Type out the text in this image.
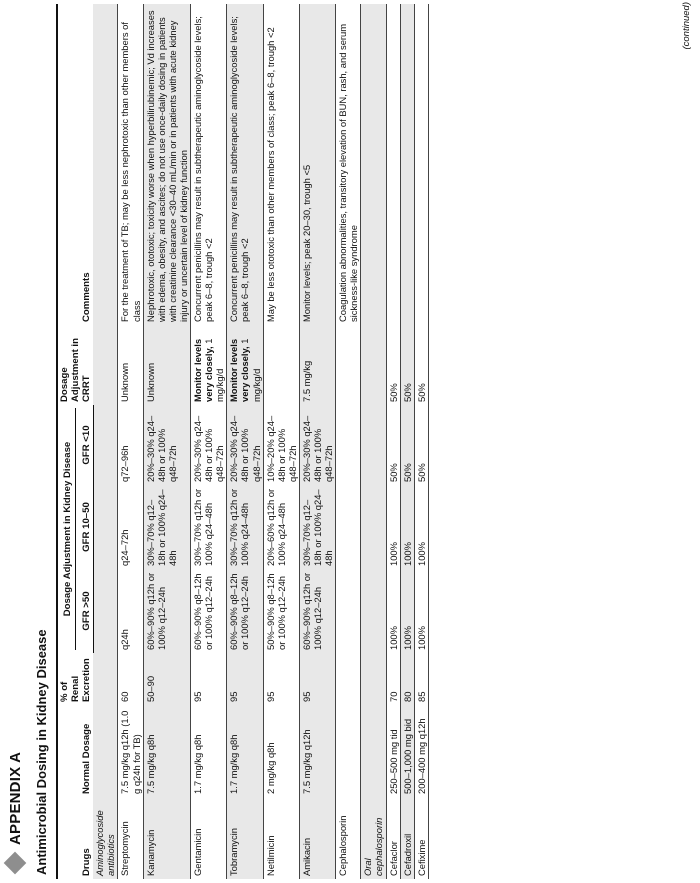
APPENDIX A Antimicrobial Dosing in Kidney Disease	Drugs	Normal Dosage	% of Renal Excretion	Dosage Adjustment in Kidney Disease			Dosage Adjustment in CRRT	Comments
			GFR >50	GFR 10–50	GFR <10		
Aminoglycoside antibiotics							
Streptomycin	7.5 mg/kg q12h (1.0 g q24h for TB)	60	q24h	q24–72h	q72–96h	Unknown	For the treatment of TB; may be less nephrotoxic than other members of class
Kanamycin	7.5 mg/kg q8h	50–90	60%–90% q12h or 100% q12–24h	30%–70% q12–18h or 100% q24–48h	20%–30% q24–48h or 100% q48–72h	Unknown	Nephrotoxic, ototoxic; toxicity worse when hyperbilirubinemic; Vd increases with edema, obesity, and ascites; do not use once-daily dosing in patients with creatinine clearance <30–40 mL/min or in patients with acute kidney injury or uncertain level of kidney function
Gentamicin	1.7 mg/kg q8h	95	60%–90% q8–12h or 100% q12–24h	30%–70% q12h or 100% q24–48h	20%–30% q24–48h or 100% q48–72h	Monitor levels very closely, 1 mg/kg/d	Concurrent penicillins may result in subtherapeutic aminoglycoside levels; peak 6–8, trough <2
Tobramycin	1.7 mg/kg q8h	95	60%–90% q8–12h or 100% q12–24h	30%–70% q12h or 100% q24–48h	20%–30% q24–48h or 100% q48–72h	Monitor levels very closely, 1 mg/kg/d	Concurrent penicillins may result in subtherapeutic aminoglycoside levels; peak 6–8, trough <2
Netilmicin	2 mg/kg q8h	95	50%–90% q8–12h or 100% q12–24h	20%–60% q12h or 100% q24–48h	10%–20% q24–48h or 100% q48–72h		May be less ototoxic than other members of class; peak 6–8, trough <2
Amikacin	7.5 mg/kg q12h	95	60%–90% q12h or 100% q12–24h	30%–70% q12–18h or 100% q24–48h	20%–30% q24–48h or 100% q48–72h	7.5 mg/kg	Monitor levels; peak 20–30, trough <5
Cephalosporin							Coagulation abnormalities, transitory elevation of BUN, rash, and serum sickness-like syndrome
Oral cephalosporin							
Cefaclor	250–500 mg tid	70	100%	100%	50%	50%	
Cefadroxil	500–1,000 mg bid	80	100%	100%	50%	50%	
Cefixime	200–400 mg q12h	85	100%	100%	50%	50%	
(continued)
